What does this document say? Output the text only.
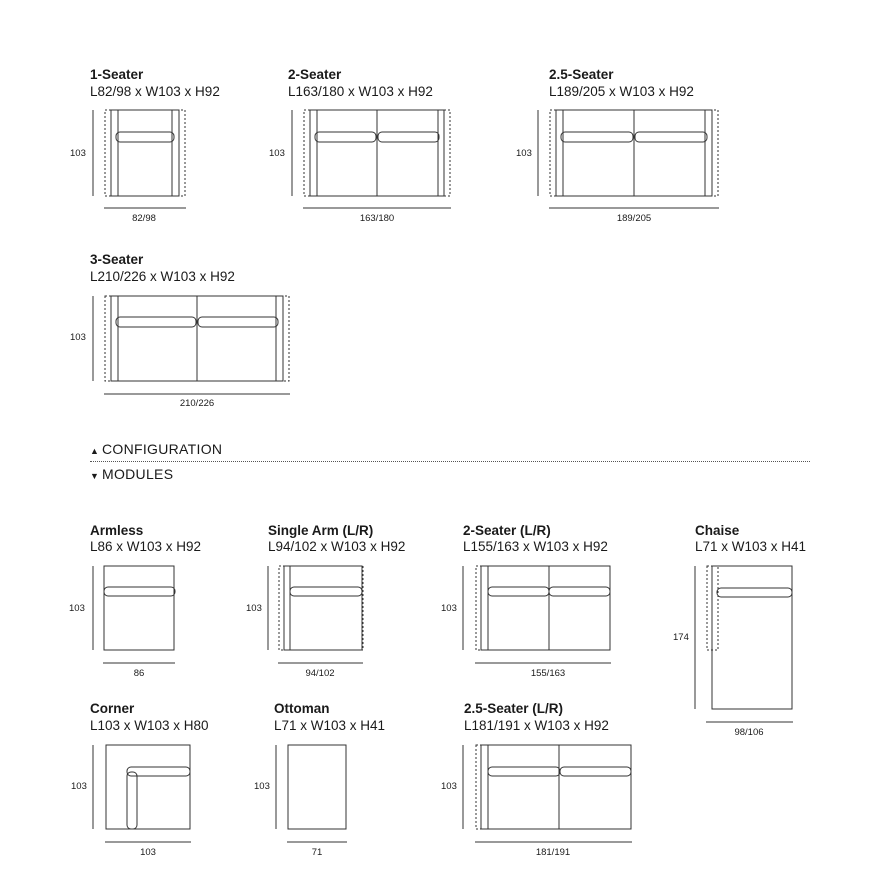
1-Seater
L82/98 x W103 x H92
103
82/98
2-Seater
L163/180 x W103 x H92
103
163/180
2.5-Seater
L189/205 x W103 x H92
103
189/205
3-Seater
L210/226 x W103 x H92
103
210/226
▲ CONFIGURATION
▼ MODULES
Armless
L86 x W103 x H92
103
86
Single Arm (L/R)
L94/102 x W103 x H92
103
94/102
2-Seater (L/R)
L155/163 x W103 x H92
103
155/163
Chaise
L71 x W103 x H41
174
98/106
Corner
L103 x W103 x H80
103
103
Ottoman
L71 x W103 x H41
103
71
2.5-Seater (L/R)
L181/191 x W103 x H92
103
181/191
